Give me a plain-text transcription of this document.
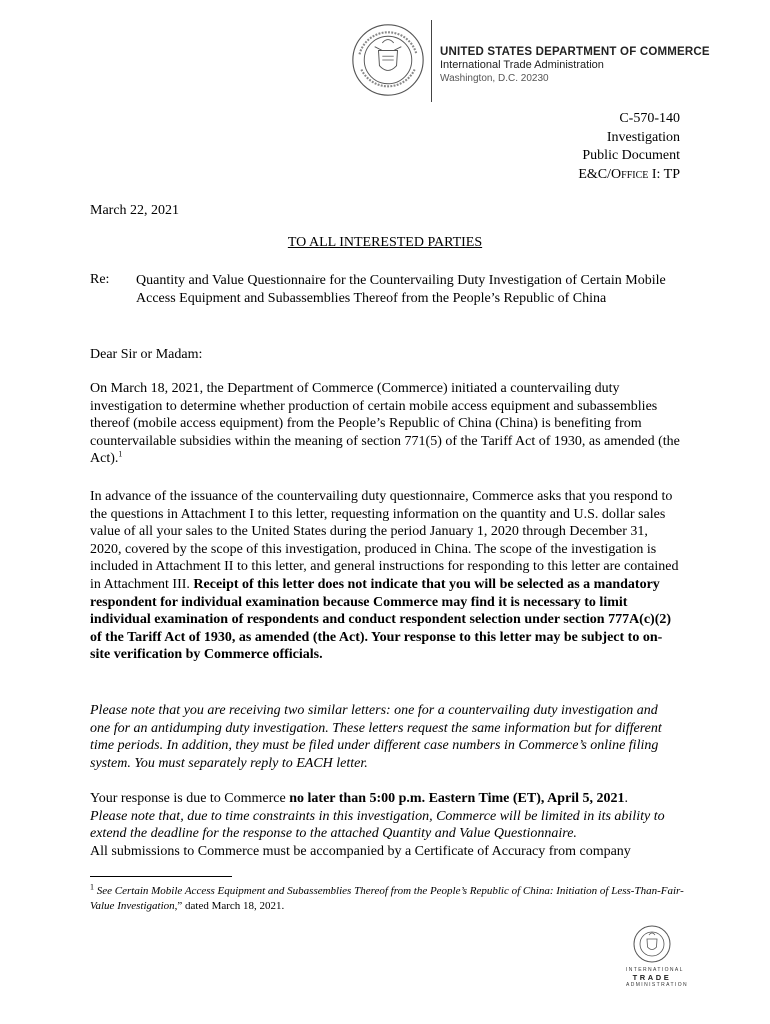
UNITED STATES DEPARTMENT OF COMMERCE
International Trade Administration
Washington, D.C. 20230
C-570-140
Investigation
Public Document
E&C/Office I: TP
March 22, 2021
TO ALL INTERESTED PARTIES
Re: Quantity and Value Questionnaire for the Countervailing Duty Investigation of Certain Mobile Access Equipment and Subassemblies Thereof from the People’s Republic of China
Dear Sir or Madam:
On March 18, 2021, the Department of Commerce (Commerce) initiated a countervailing duty investigation to determine whether production of certain mobile access equipment and subassemblies thereof (mobile access equipment) from the People’s Republic of China (China) is benefiting from countervailable subsidies within the meaning of section 771(5) of the Tariff Act of 1930, as amended (the Act).$^1$
In advance of the issuance of the countervailing duty questionnaire, Commerce asks that you respond to the questions in Attachment I to this letter, requesting information on the quantity and U.S. dollar sales value of all your sales to the United States during the period January 1, 2020 through December 31, 2020, covered by the scope of this investigation, produced in China. The scope of the investigation is included in Attachment II to this letter, and general instructions for responding to this letter are contained in Attachment III. Receipt of this letter does not indicate that you will be selected as a mandatory respondent for individual examination because Commerce may find it is necessary to limit individual examination of respondents and conduct respondent selection under section 777A(c)(2) of the Tariff Act of 1930, as amended (the Act). Your response to this letter may be subject to on-site verification by Commerce officials.
Please note that you are receiving two similar letters: one for a countervailing duty investigation and one for an antidumping duty investigation. These letters request the same information but for different time periods. In addition, they must be filed under different case numbers in Commerce’s online filing system. You must separately reply to EACH letter.
Your response is due to Commerce no later than 5:00 p.m. Eastern Time (ET), April 5, 2021.
Please note that, due to time constraints in this investigation, Commerce will be limited in its ability to extend the deadline for the response to the attached Quantity and Value Questionnaire.
All submissions to Commerce must be accompanied by a Certificate of Accuracy from company
$^1$ See Certain Mobile Access Equipment and Subassemblies Thereof from the People’s Republic of China: Initiation of Less-Than-Fair-Value Investigation,” dated March 18, 2021.
INTERNATIONAL
TRADE
ADMINISTRATION
